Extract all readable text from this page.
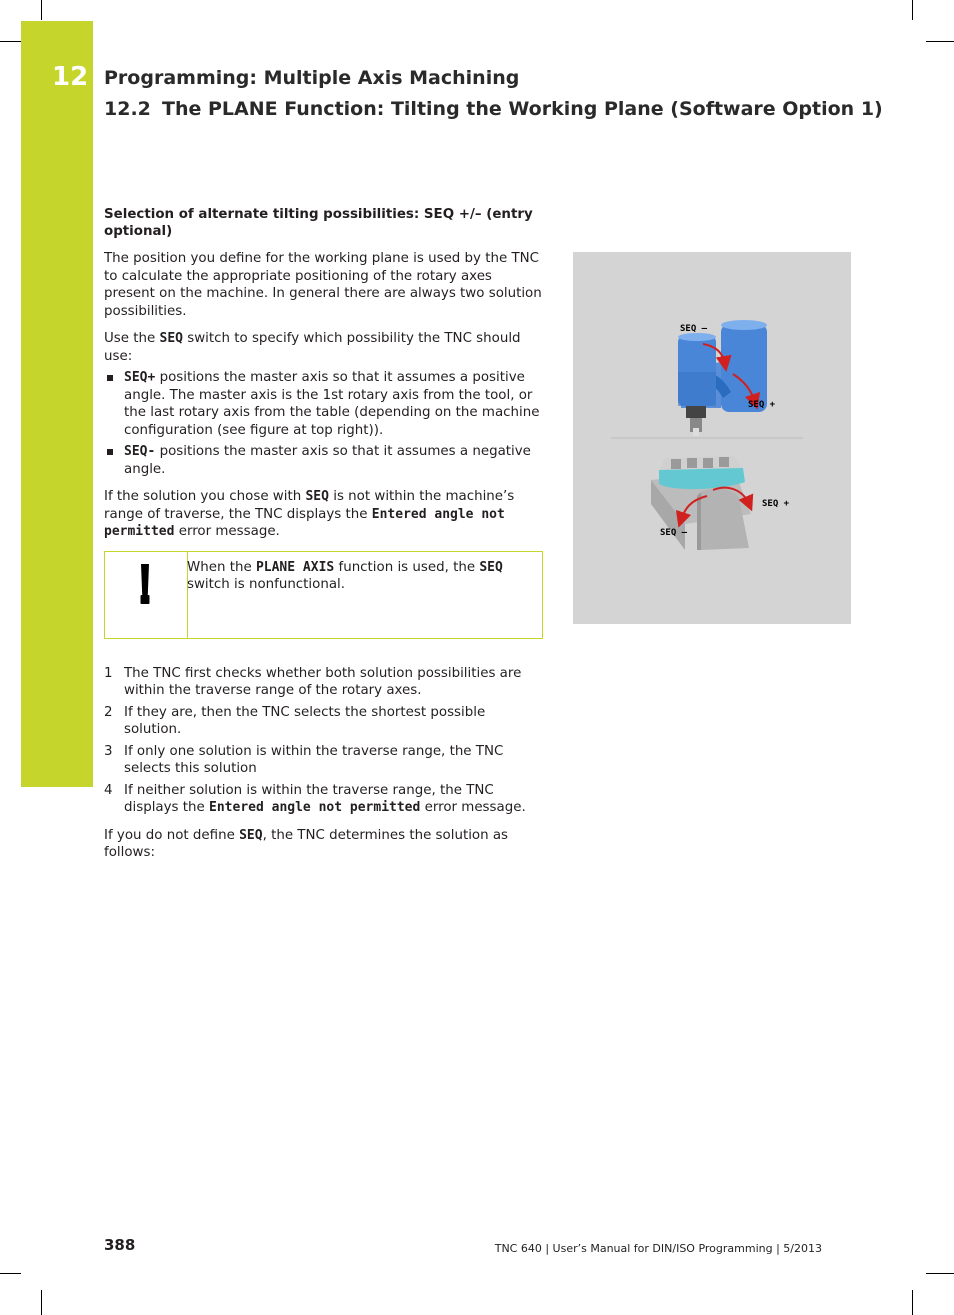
12 Programming: Multiple Axis Machining
12.2 The PLANE Function: Tilting the Working Plane (Software Option 1)

Selection of alternate tilting possibilities: SEQ +/– (entry optional)

The position you define for the working plane is used by the TNC to calculate the appropriate positioning of the rotary axes present on the machine. In general there are always two solution possibilities.

Use the SEQ switch to specify which possibility the TNC should use:

SEQ+ positions the master axis so that it assumes a positive angle. The master axis is the 1st rotary axis from the tool, or the last rotary axis from the table (depending on the machine configuration (see figure at top right)).
SEQ- positions the master axis so that it assumes a negative angle.

If the solution you chose with SEQ is not within the machine’s range of traverse, the TNC displays the Entered angle not permitted error message.

When the PLANE AXIS function is used, the SEQ switch is nonfunctional.
1 The TNC first checks whether both solution possibilities are within the traverse range of the rotary axes.
2 If they are, then the TNC selects the shortest possible solution.
3 If only one solution is within the traverse range, the TNC selects this solution
4 If neither solution is within the traverse range, the TNC displays the Entered angle not permitted error message.

If you do not define SEQ, the TNC determines the solution as follows:

SEQ –
SEQ +
SEQ +
SEQ –
388	TNC 640 | User’s Manual for DIN/ISO Programming | 5/2013
